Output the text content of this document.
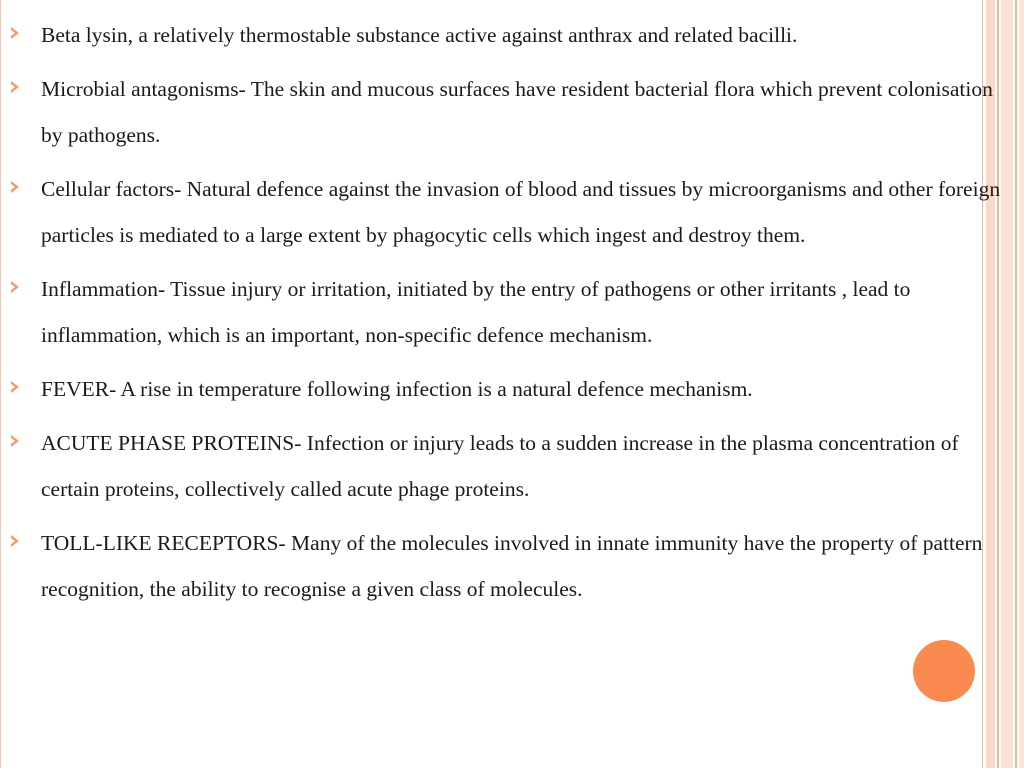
Beta lysin, a relatively thermostable substance active against anthrax and related bacilli.
Microbial antagonisms- The skin and mucous surfaces have resident bacterial flora which prevent colonisation by pathogens.
Cellular factors- Natural defence against the invasion of blood and tissues by microorganisms and other foreign particles is mediated to a large extent by phagocytic cells which ingest and destroy them.
Inflammation- Tissue injury or irritation, initiated by the entry of pathogens or other irritants , lead to inflammation, which is an important, non-specific defence mechanism.
FEVER- A rise in temperature following infection is a natural defence mechanism.
ACUTE PHASE PROTEINS- Infection or injury leads to a sudden increase in the plasma concentration of certain proteins, collectively called acute phage proteins.
TOLL-LIKE RECEPTORS- Many of the molecules involved in innate immunity have the property of pattern recognition, the ability to recognise a given class of molecules.
